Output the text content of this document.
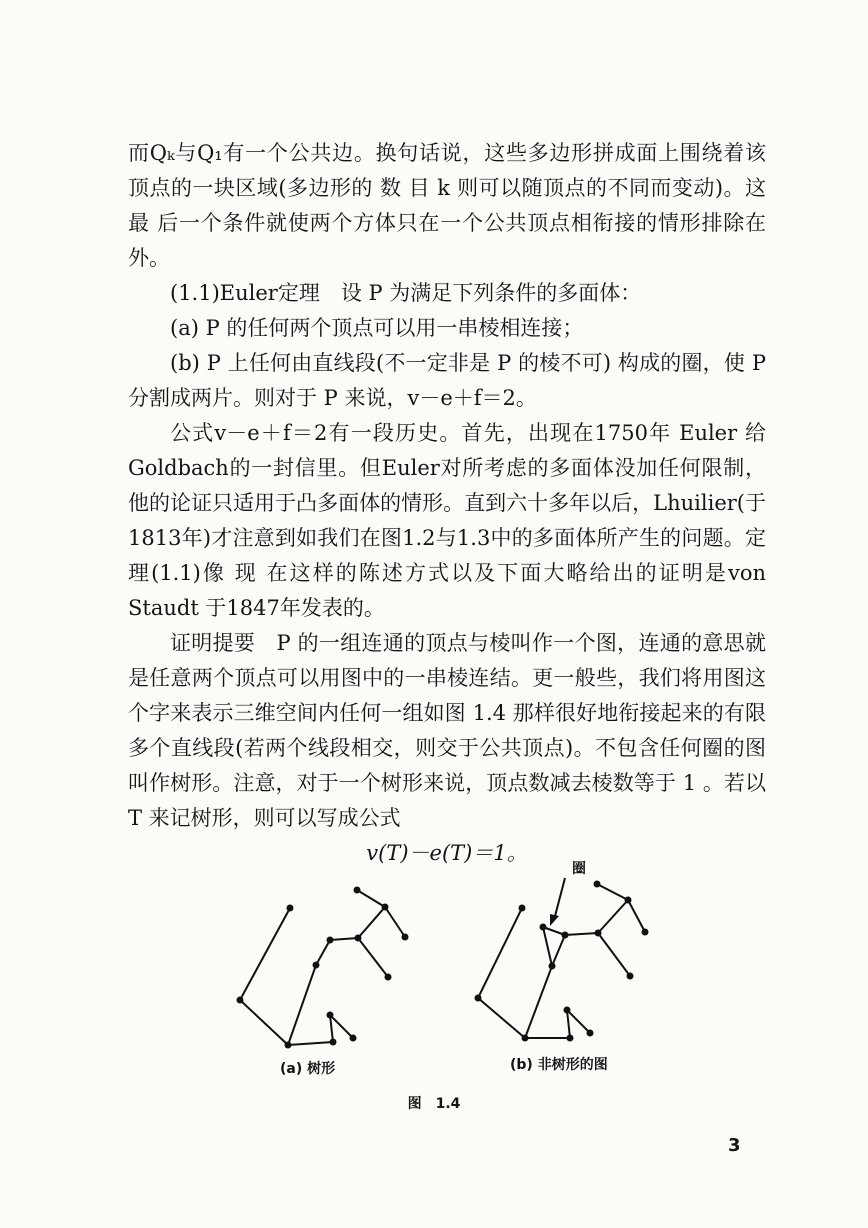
而Qₖ与Q₁有一个公共边。换句话说，这些多边形拼成面上围绕着该顶点的一块区域(多边形的 数 目 k 则可以随顶点的不同而变动)。这 最 后一个条件就使两个方体只在一个公共顶点相衔接的情形排除在外。

(1.1)Euler定理　设 P 为满足下列条件的多面体：

(a) P 的任何两个顶点可以用一串棱相连接；

(b) P 上任何由直线段(不一定非是 P 的棱不可) 构成的圈，使 P 分割成两片。则对于 P 来说，v－e＋f＝2。

公式v－e＋f＝2有一段历史。首先，出现在1750年 Euler 给Goldbach的一封信里。但Euler对所考虑的多面体没加任何限制，他的论证只适用于凸多面体的情形。直到六十多年以后，Lhuilier(于1813年)才注意到如我们在图1.2与1.3中的多面体所产生的问题。定理(1.1)像 现 在这样的陈述方式以及下面大略给出的证明是von Staudt 于1847年发表的。

证明提要　P 的一组连通的顶点与棱叫作一个图，连通的意思就是任意两个顶点可以用图中的一串棱连结。更一般些，我们将用图这个字来表示三维空间内任何一组如图 1.4 那样很好地衔接起来的有限多个直线段(若两个线段相交，则交于公共顶点)。不包含任何圈的图叫作树形。注意，对于一个树形来说，顶点数减去棱数等于 1 。若以 T 来记树形，则可以写成公式

v(T)－e(T)＝1。

圈
(a) 树形	(b) 非树形的图
图　1.4
3
